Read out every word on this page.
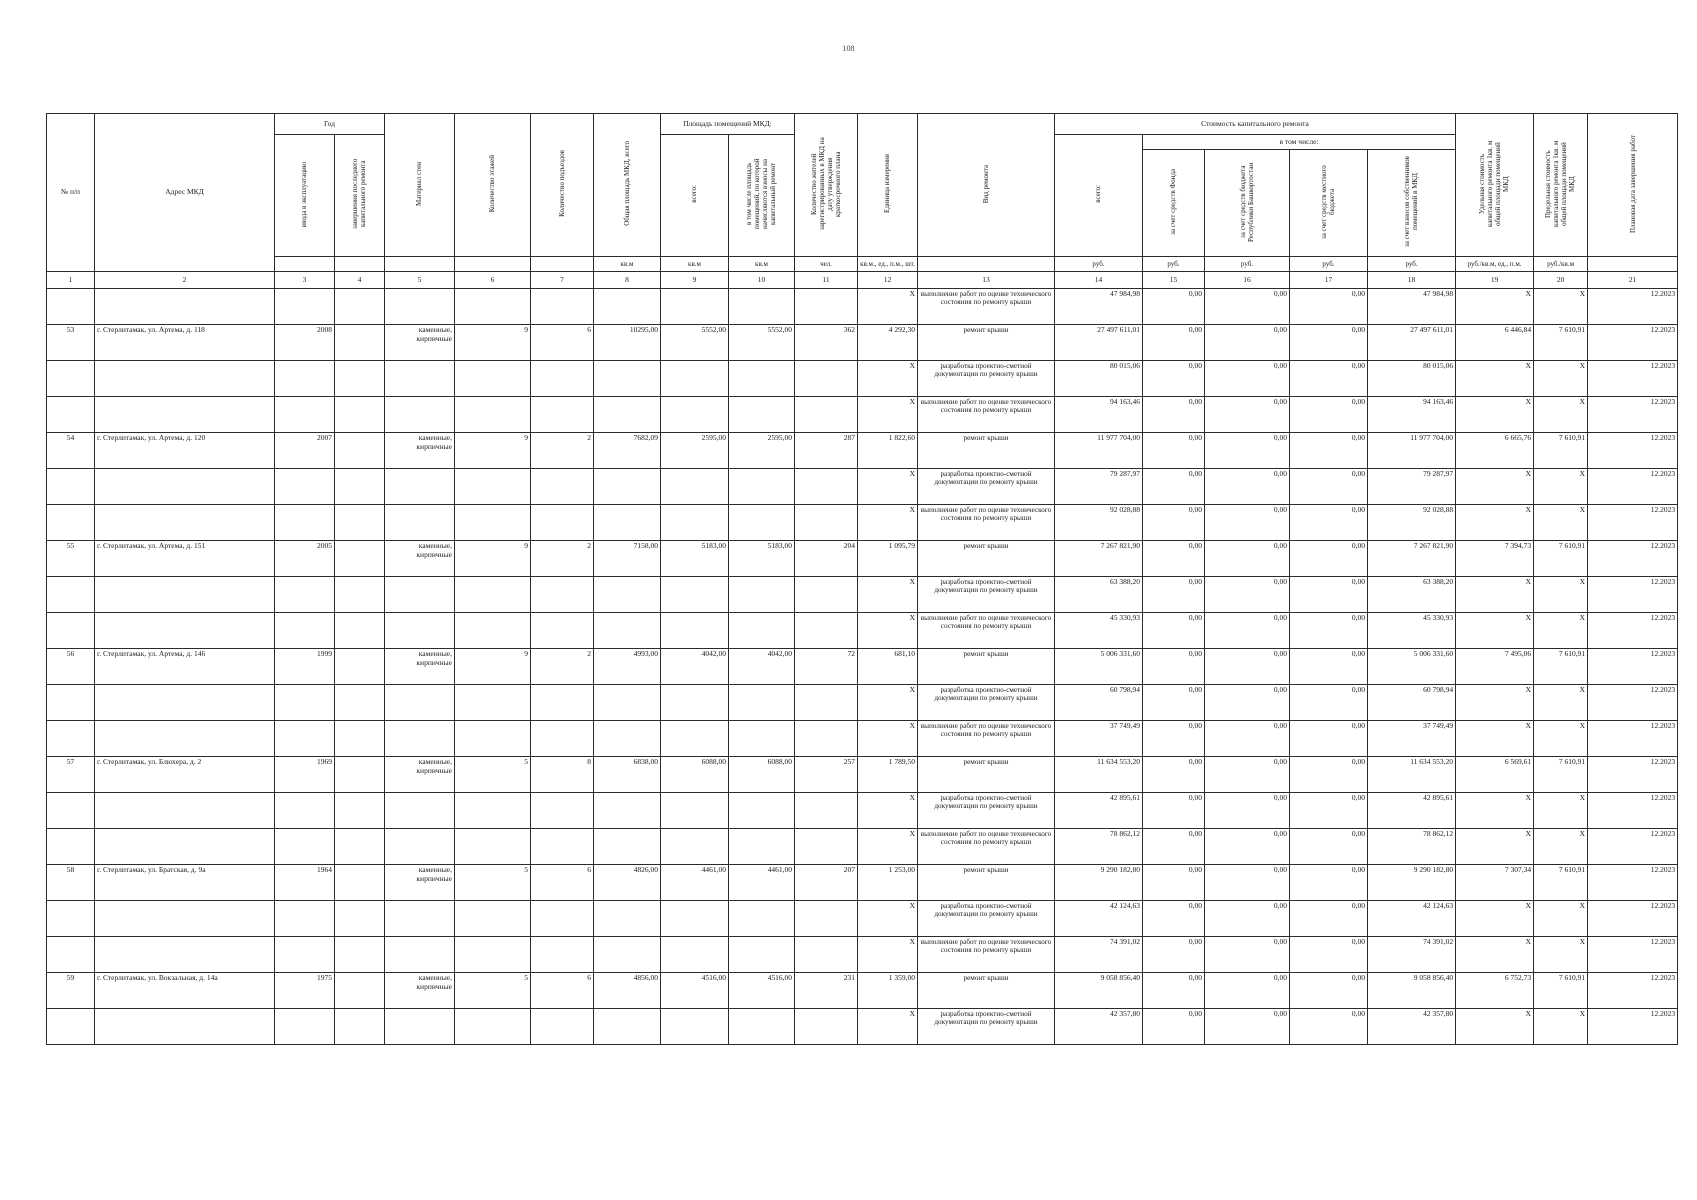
108
№ п/п	Адрес МКД	Год		Материал стен	Количество этажей	Количество подъездов	Общая площадь МКД, всего	Площадь помещений МКД:		Количество жителей зарегистрированных в МКД на дату утверждения краткосрочного плана	Единица измерения	Вид ремонта	Стоимость капитального ремонта					Удельная стоимость капитального ремонта 1кв. м общей площади помещений МКД	Предельная стоимость капитального ремонта 1кв. м общей площади помещений МКД	Плановая дата завершения работ
		ввода в эксплуатацию	завершения последнего капитального ремонта					всего:	в том числе площадь помещений, по которой начисляются взносы на капитальный ремонт				всего:	в том числе:						
														за счет средств Фонда	за счет средств бюджета Республики Башкортостан	за счет средств местного бюджета	за счет взносов собственников помещений в МКД			
							кв.м	кв.м	кв.м	чел.	кв.м., ед., п.м., шт.		руб.	руб.	руб.	руб.	руб.	руб./кв.м, ед., п.м.	руб./кв.м	
1	2	3	4	5	6	7	8	9	10	11	12	13	14	15	16	17	18	19	20	21
											X	выполнение работ по оценке технического состояния по ремонту крыши	47 984,98	0,00	0,00	0,00	47 984,98	X	X	12.2023
53	г. Стерлитамак, ул. Артема, д. 118	2008		каменные, кирпичные	9	6	10295,00	5552,00	5552,00	362	4 292,30	ремонт крыши	27 497 611,01	0,00	0,00	0,00	27 497 611,01	6 446,84	7 610,91	12.2023
											X	разработка проектно-сметной документации по ремонту крыши	80 015,06	0,00	0,00	0,00	80 015,06	X	X	12.2023
											X	выполнение работ по оценке технического состояния по ремонту крыши	94 163,46	0,00	0,00	0,00	94 163,46	X	X	12.2023
54	г. Стерлитамак, ул. Артема, д. 120	2007		каменные, кирпичные	9	2	7682,09	2595,00	2595,00	287	1 822,60	ремонт крыши	11 977 704,00	0,00	0,00	0,00	11 977 704,00	6 665,76	7 610,91	12.2023
											X	разработка проектно-сметной документации по ремонту крыши	79 287,97	0,00	0,00	0,00	79 287,97	X	X	12.2023
											X	выполнение работ по оценке технического состояния по ремонту крыши	92 028,88	0,00	0,00	0,00	92 028,88	X	X	12.2023
55	г. Стерлитамак, ул. Артема, д. 151	2005		каменные, кирпичные	9	2	7158,00	5183,00	5183,00	204	1 095,79	ремонт крыши	7 267 821,90	0,00	0,00	0,00	7 267 821,90	7 394,73	7 610,91	12.2023
											X	разработка проектно-сметной документации по ремонту крыши	63 388,20	0,00	0,00	0,00	63 388,20	X	X	12.2023
											X	выполнение работ по оценке технического состояния по ремонту крыши	45 330,93	0,00	0,00	0,00	45 330,93	X	X	12.2023
56	г. Стерлитамак, ул. Артема, д. 146	1999		каменные, кирпичные	9	2	4993,00	4042,00	4042,00	72	681,10	ремонт крыши	5 006 331,60	0,00	0,00	0,00	5 006 331,60	7 495,06	7 610,91	12.2023
											X	разработка проектно-сметной документации по ремонту крыши	60 798,94	0,00	0,00	0,00	60 798,94	X	X	12.2023
											X	выполнение работ по оценке технического состояния по ремонту крыши	37 749,49	0,00	0,00	0,00	37 749,49	X	X	12.2023
57	г. Стерлитамак, ул. Блюхера, д. 2	1969		каменные, кирпичные	5	8	6838,00	6088,00	6088,00	257	1 789,50	ремонт крыши	11 634 553,20	0,00	0,00	0,00	11 634 553,20	6 569,61	7 610,91	12.2023
											X	разработка проектно-сметной документации по ремонту крыши	42 895,61	0,00	0,00	0,00	42 895,61	X	X	12.2023
											X	выполнение работ по оценке технического состояния по ремонту крыши	78 862,12	0,00	0,00	0,00	78 862,12	X	X	12.2023
58	г. Стерлитамак, ул. Братская, д. 9а	1964		каменные, кирпичные	5	6	4826,00	4461,00	4461,00	207	1 253,00	ремонт крыши	9 290 182,80	0,00	0,00	0,00	9 290 182,80	7 307,34	7 610,91	12.2023
											X	разработка проектно-сметной документации по ремонту крыши	42 124,63	0,00	0,00	0,00	42 124,63	X	X	12.2023
											X	выполнение работ по оценке технического состояния по ремонту крыши	74 391,02	0,00	0,00	0,00	74 391,02	X	X	12.2023
59	г. Стерлитамак, ул. Вокзальная, д. 14а	1975		каменные, кирпичные	5	6	4856,00	4516,00	4516,00	231	1 359,00	ремонт крыши	9 058 856,40	0,00	0,00	0,00	9 058 856,40	6 752,73	7 610,91	12.2023
											X	разработка проектно-сметной документации по ремонту крыши	42 357,80	0,00	0,00	0,00	42 357,80	X	X	12.2023
